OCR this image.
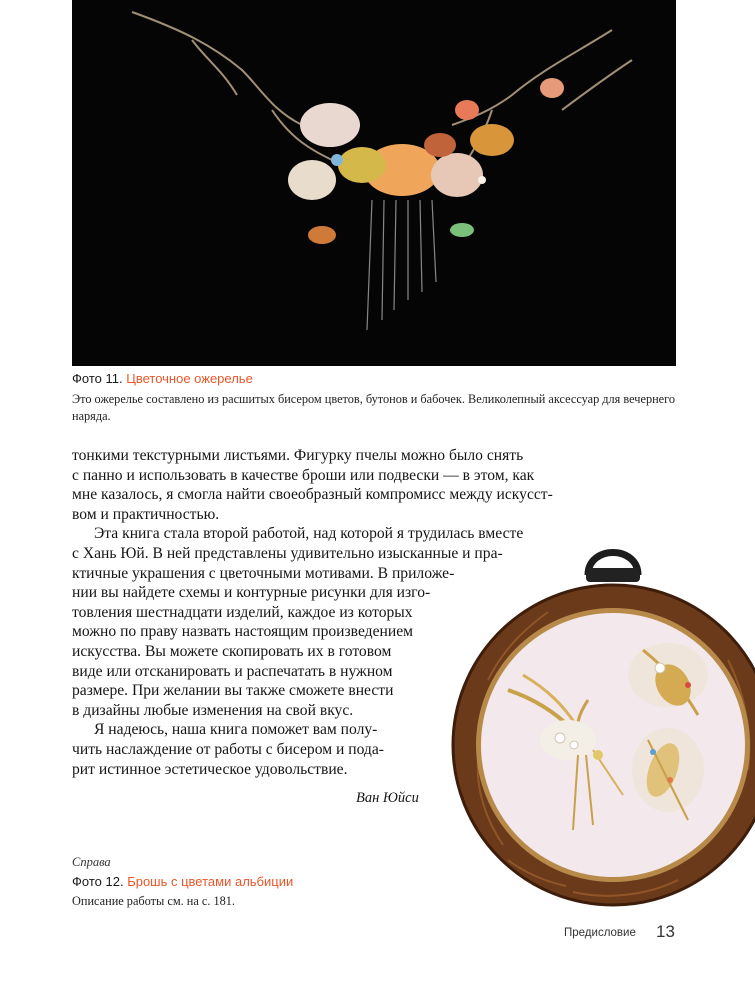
Фото 11. Цветочное ожерелье
Это ожерелье составлено из расшитых бисером цветов, бутонов и бабочек. Великолепный аксессуар для вечернего наряда.
тонкими текстурными листьями. Фигурку пчелы можно было снять
с панно и использовать в качестве броши или подвески — в этом, как
мне казалось, я смогла найти своеобразный компромисс между искусст-
вом и практичностью.
Эта книга стала второй работой, над которой я трудилась вместе
с Хань Юй. В ней представлены удивительно изысканные и пра-
ктичные украшения с цветочными мотивами. В приложе-
нии вы найдете схемы и контурные рисунки для изго-
товления шестнадцати изделий, каждое из которых
можно по праву назвать настоящим произведением
искусства. Вы можете скопировать их в готовом
виде или отсканировать и распечатать в нужном
размере. При желании вы также сможете внести
в дизайны любые изменения на свой вкус.
Я надеюсь, наша книга поможет вам полу-
чить наслаждение от работы с бисером и пода-
рит истинное эстетическое удовольствие.
Ван Юйси
Справа
Фото 12. Брошь с цветами альбиции
Описание работы см. на с. 181.
Предисловие 13
